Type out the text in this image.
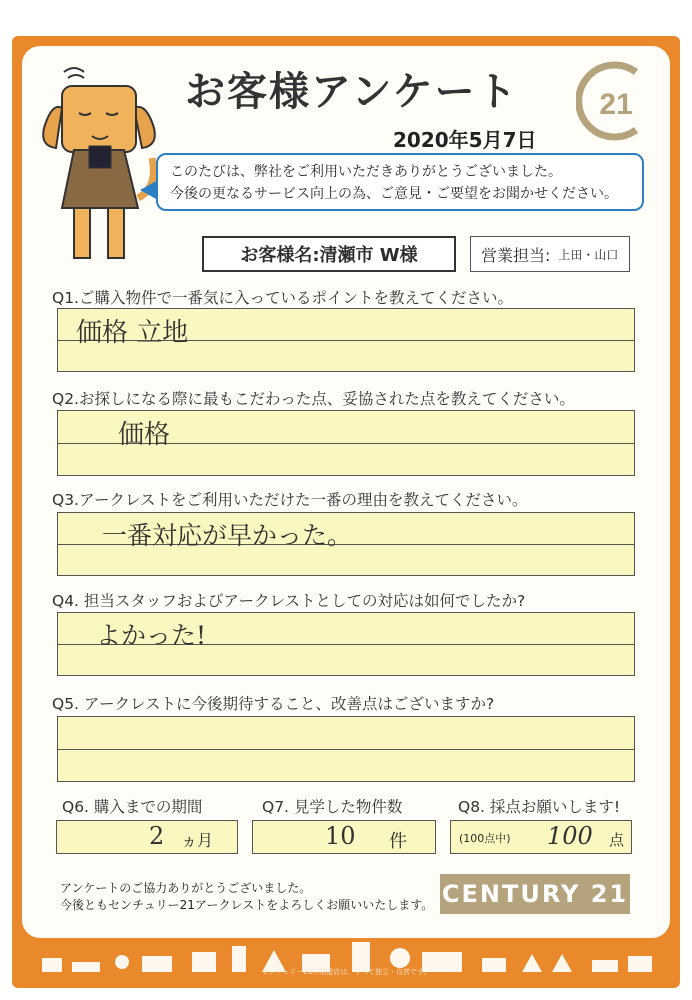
お客様アンケート
2020年5月7日
21
このたびは、弊社をご利用いただきありがとうございました。
今後の更なるサービス向上の為、ご意見・ご要望をお聞かせください。
お客様名:清瀬市 W様	営業担当: 上田・山口
Q1.ご購入物件で一番気に入っているポイントを教えてください。
価格 立地
Q2.お探しになる際に最もこだわった点、妥協された点を教えてください。
価格
Q3.アークレストをご利用いただけた一番の理由を教えてください。
一番対応が早かった。
Q4. 担当スタッフおよびアークレストとしての対応は如何でしたか?
よかった!
Q5. アークレストに今後期待すること、改善点はございますか?
Q6. 購入までの期間	Q7. 見学した物件数	Q8. 採点お願いします!
2 ヵ月	10 件	(100点中) 100 点
アンケートのご協力ありがとうございました。
今後ともセンチュリー21アークレストをよろしくお願いいたします。 CENTURY 21
センチュリー21の加盟店は、すべて独立・自営です。
